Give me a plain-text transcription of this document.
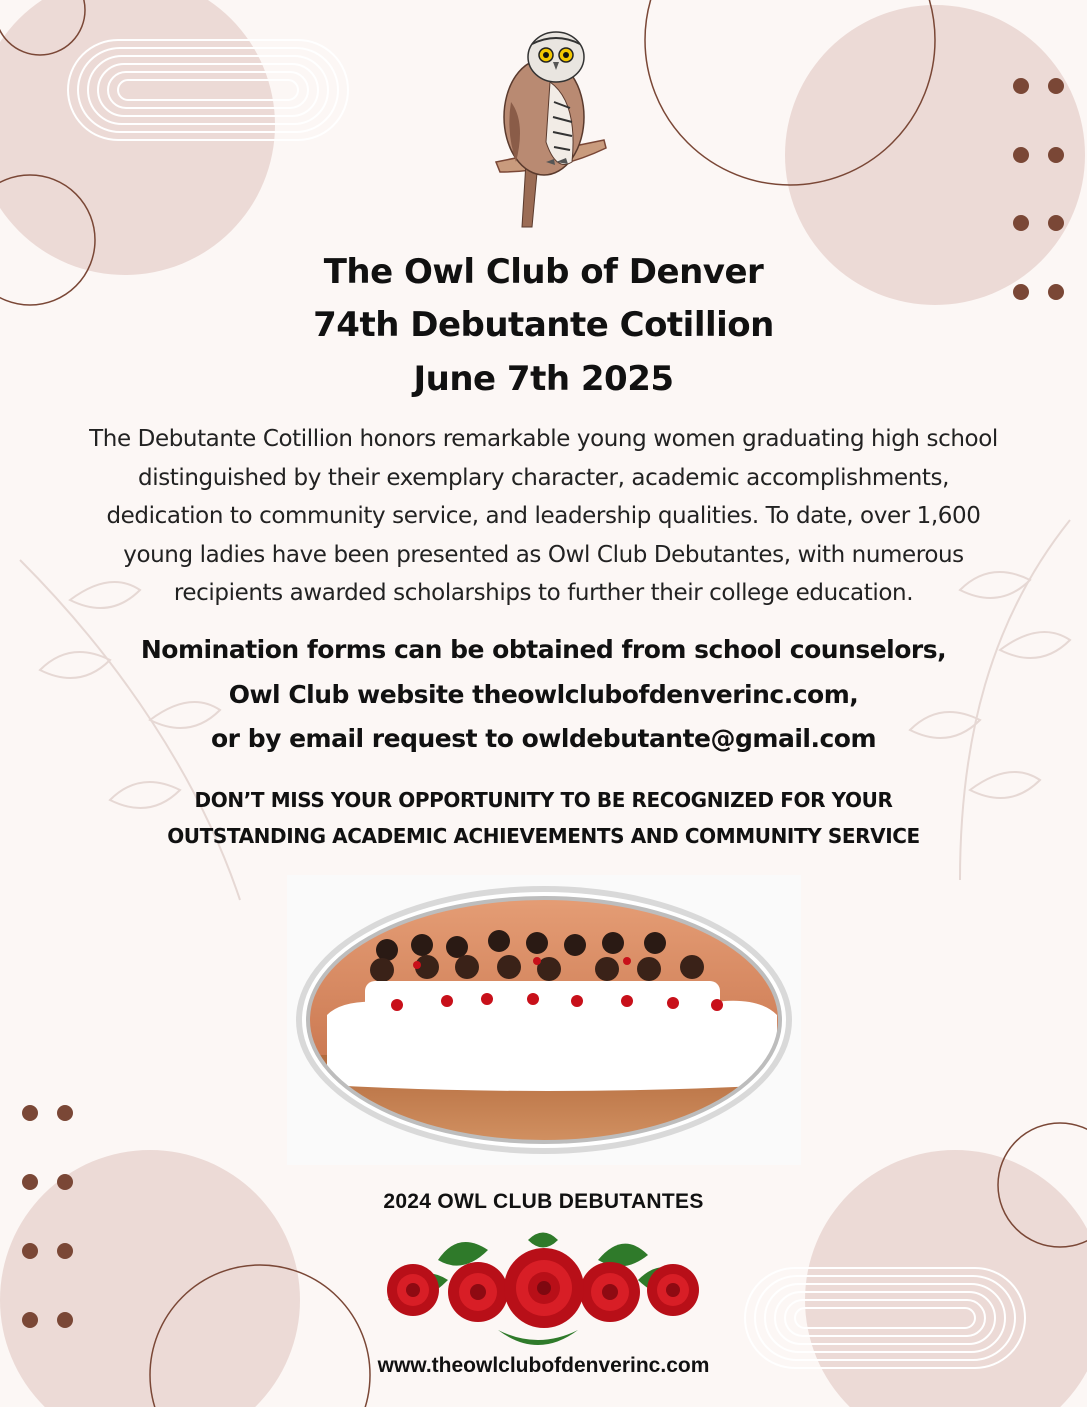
The Owl Club of Denver
74th Debutante Cotillion
June 7th 2025
The Debutante Cotillion honors remarkable young women graduating high school
distinguished by their exemplary character, academic accomplishments,
dedication to community service, and leadership qualities. To date, over 1,600
young ladies have been presented as Owl Club Debutantes, with numerous
recipients awarded scholarships to further their college education.
Nomination forms can be obtained from school counselors,
Owl Club website theowlclubofdenverinc.com,
or by email request to owldebutante@gmail.com
DON’T MISS YOUR OPPORTUNITY TO BE RECOGNIZED FOR YOUR
OUTSTANDING ACADEMIC ACHIEVEMENTS AND COMMUNITY SERVICE
2024 OWL CLUB DEBUTANTES
www.theowlclubofdenverinc.com
